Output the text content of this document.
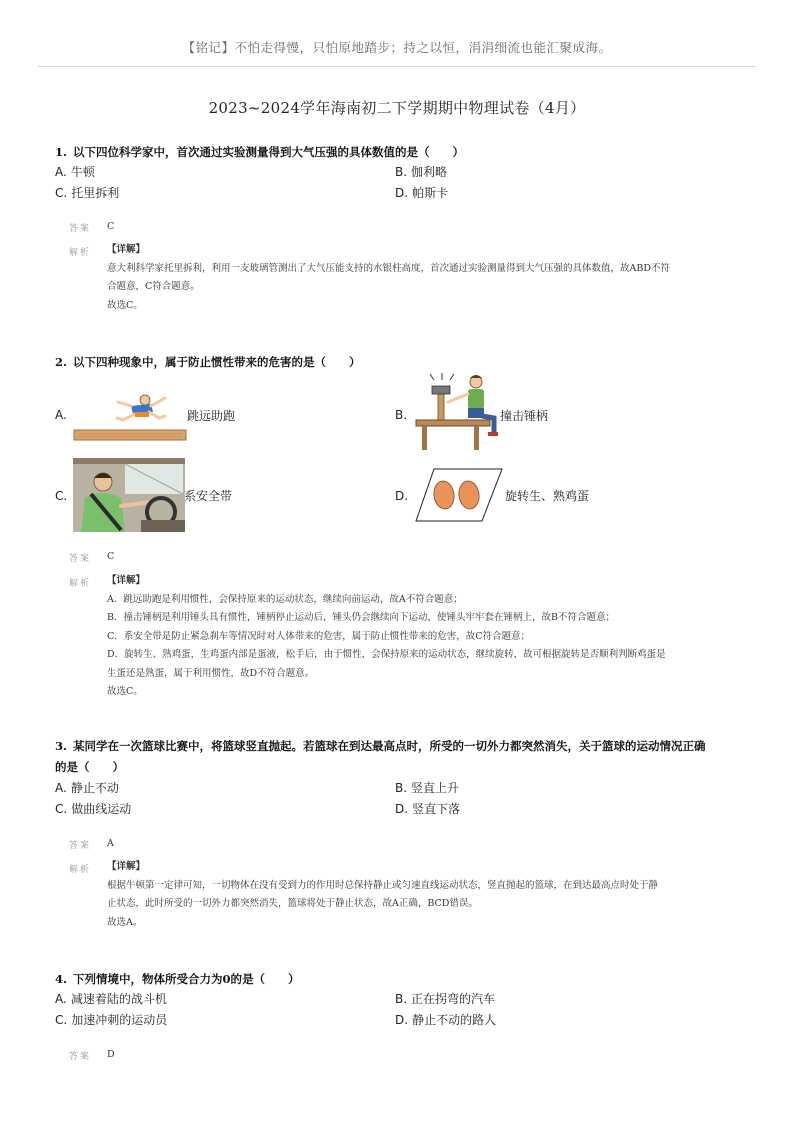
【铭记】不怕走得慢，只怕原地踏步；持之以恒，涓涓细流也能汇聚成海。
2023~2024学年海南初二下学期期中物理试卷（4月）
1. 以下四位科学家中，首次通过实验测量得到大气压强的具体数值的是（　　）
A. 牛顿	B. 伽利略
C. 托里拆利	D. 帕斯卡
答案 C
解析 【详解】

意大利科学家托里拆利，利用一支玻璃管测出了大气压能支持的水银柱高度，首次通过实验测量得到大气压强的具体数值，故ABD不符

合题意，C符合题意。

故选C。

2. 以下四种现象中，属于防止惯性带来的危害的是（　　）
A.	跳远助跑	B.	撞击锤柄
C.	系安全带	D.	旋转生、熟鸡蛋
答案 C
解析 【详解】

A．跳远助跑是利用惯性，会保持原来的运动状态，继续向前运动，故A不符合题意；

B．撞击锤柄是利用锤头具有惯性，锤柄停止运动后，锤头仍会继续向下运动，使锤头牢牢套在锤柄上，故B不符合题意；

C．系安全带是防止紧急刹车等情况时对人体带来的危害，属于防止惯性带来的危害，故C符合题意；

D．旋转生、熟鸡蛋，生鸡蛋内部是蛋液，松手后，由于惯性，会保持原来的运动状态，继续旋转，故可根据旋转是否顺利判断鸡蛋是

生蛋还是熟蛋，属于利用惯性，故D不符合题意。

故选C。

3. 某同学在一次篮球比赛中，将篮球竖直抛起。若篮球在到达最高点时，所受的一切外力都突然消失，关于篮球的运动情况正确
的是（　　）
A. 静止不动	B. 竖直上升
C. 做曲线运动	D. 竖直下落
答案 A
解析 【详解】

根据牛顿第一定律可知，一切物体在没有受到力的作用时总保持静止或匀速直线运动状态，竖直抛起的篮球，在到达最高点时处于静

止状态，此时所受的一切外力都突然消失，篮球将处于静止状态，故A正确，BCD错误。

故选A。

4. 下列情境中，物体所受合力为0的是（　　）
A. 减速着陆的战斗机	B. 正在拐弯的汽车
C. 加速冲刺的运动员	D. 静止不动的路人
答案 D
